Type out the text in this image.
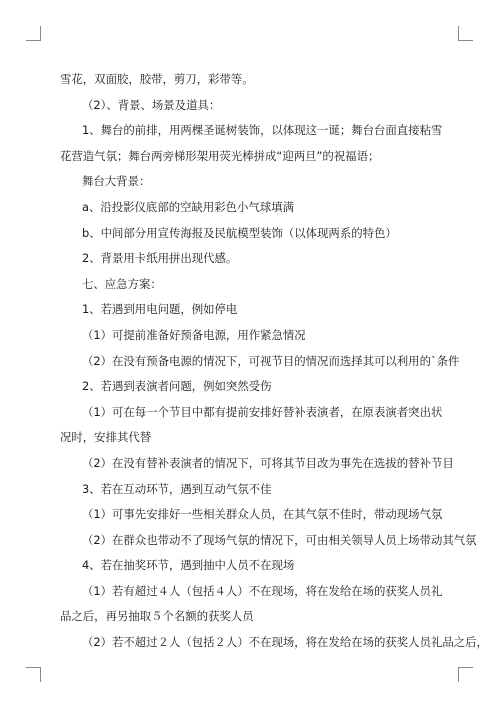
雪花，双面胶，胶带，剪刀，彩带等。

（2）、背景、场景及道具：

1、舞台的前排，用两棵圣诞树装饰，以体现这一诞；舞台台面直接粘雪花营造气氛；舞台两旁梯形架用荧光棒拼成“迎两旦”的祝福语；

舞台大背景：

a、沿投影仪底部的空缺用彩色小气球填满

b、中间部分用宣传海报及民航模型装饰（以体现两系的特色）

2、背景用卡纸用拼出现代感。

七、应急方案：

1、若遇到用电问题，例如停电

（1）可提前准备好预备电源，用作紧急情况

（2）在没有预备电源的情况下，可视节目的情况而选择其可以利用的`条件

2、若遇到表演者问题，例如突然受伤

（1）可在每一个节目中都有提前安排好替补表演者，在原表演者突出状况时，安排其代替

（2）在没有替补表演者的情况下，可将其节目改为事先在选拔的替补节目

3、若在互动环节，遇到互动气氛不佳

（1）可事先安排好一些相关群众人员，在其气氛不佳时，带动现场气氛

（2）在群众也带动不了现场气氛的情况下，可由相关领导人员上场带动其气氛

4、若在抽奖环节，遇到抽中人员不在现场

（1）若有超过４人（包括４人）不在现场，将在发给在场的获奖人员礼品之后，再另抽取５个名额的获奖人员

（2）若不超过２人（包括２人）不在现场，将在发给在场的获奖人员礼品之后，
